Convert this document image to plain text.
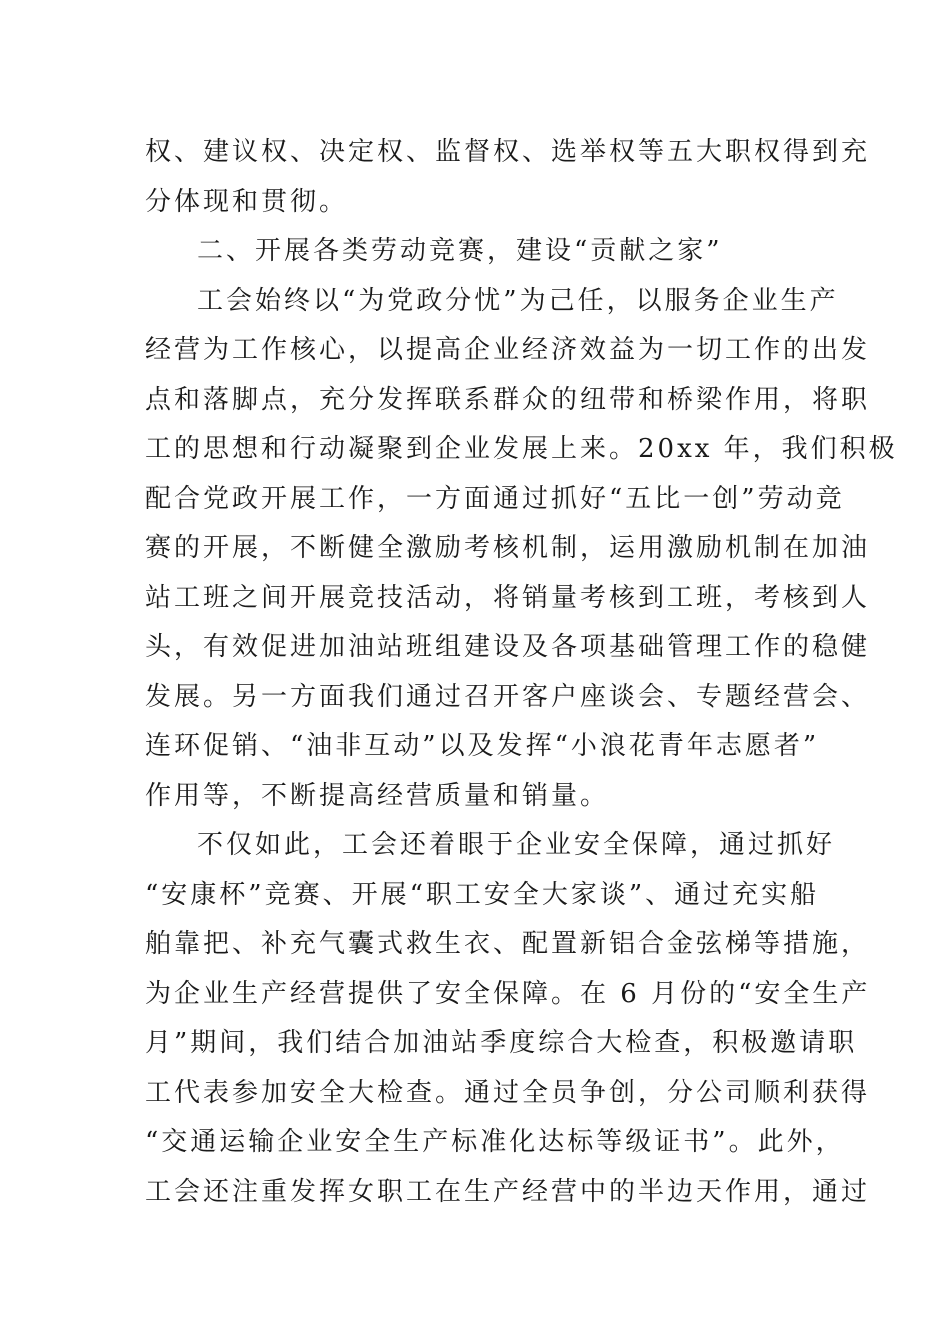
权、建议权、决定权、监督权、选举权等五大职权得到充
分体现和贯彻。
二、开展各类劳动竞赛，建设“贡献之家”
工会始终以“为党政分忧”为己任，以服务企业生产
经营为工作核心，以提高企业经济效益为一切工作的出发
点和落脚点，充分发挥联系群众的纽带和桥梁作用，将职
工的思想和行动凝聚到企业发展上来。20xx 年，我们积极
配合党政开展工作，一方面通过抓好“五比一创”劳动竞
赛的开展，不断健全激励考核机制，运用激励机制在加油
站工班之间开展竞技活动，将销量考核到工班，考核到人
头，有效促进加油站班组建设及各项基础管理工作的稳健
发展。另一方面我们通过召开客户座谈会、专题经营会、
连环促销、“油非互动”以及发挥“小浪花青年志愿者”
作用等，不断提高经营质量和销量。
不仅如此，工会还着眼于企业安全保障，通过抓好
“安康杯”竞赛、开展“职工安全大家谈”、通过充实船
舶靠把、补充气囊式救生衣、配置新铝合金弦梯等措施，
为企业生产经营提供了安全保障。在 6 月份的“安全生产
月”期间，我们结合加油站季度综合大检查，积极邀请职
工代表参加安全大检查。通过全员争创，分公司顺利获得
“交通运输企业安全生产标准化达标等级证书”。此外，
工会还注重发挥女职工在生产经营中的半边天作用，通过
